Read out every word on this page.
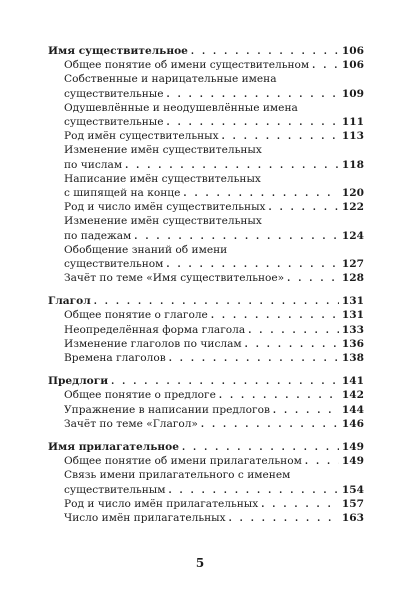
Имя существительное . . .	106
Общее понятие об имени существительном . . .	106
Собственные и нарицательные имена
существительные . . .	109
Одушевлённые и неодушевлённые имена
существительные . . .	111
Род имён существительных . . .	113
Изменение имён существительных
по числам . . .	118
Написание имён существительных
с шипящей на конце . . .	120
Род и число имён существительных . . .	122
Изменение имён существительных
по падежам . . .	124
Обобщение знаний об имени
существительном . . .	127
Зачёт по теме «Имя существительное» . . .	128
Глагол . . .	131
Общее понятие о глаголе . . .	131
Неопределённая форма глагола . . .	133
Изменение глаголов по числам . . .	136
Времена глаголов . . .	138
Предлоги . . .	141
Общее понятие о предлоге . . .	142
Упражнение в написании предлогов . . .	144
Зачёт по теме «Глагол» . . .	146
Имя прилагательное . . .	149
Общее понятие об имени прилагательном . . .	149
Связь имени прилагательного с именем
существительным . . .	154
Род и число имён прилагательных . . .	157
Число имён прилагательных . . .	163
5
